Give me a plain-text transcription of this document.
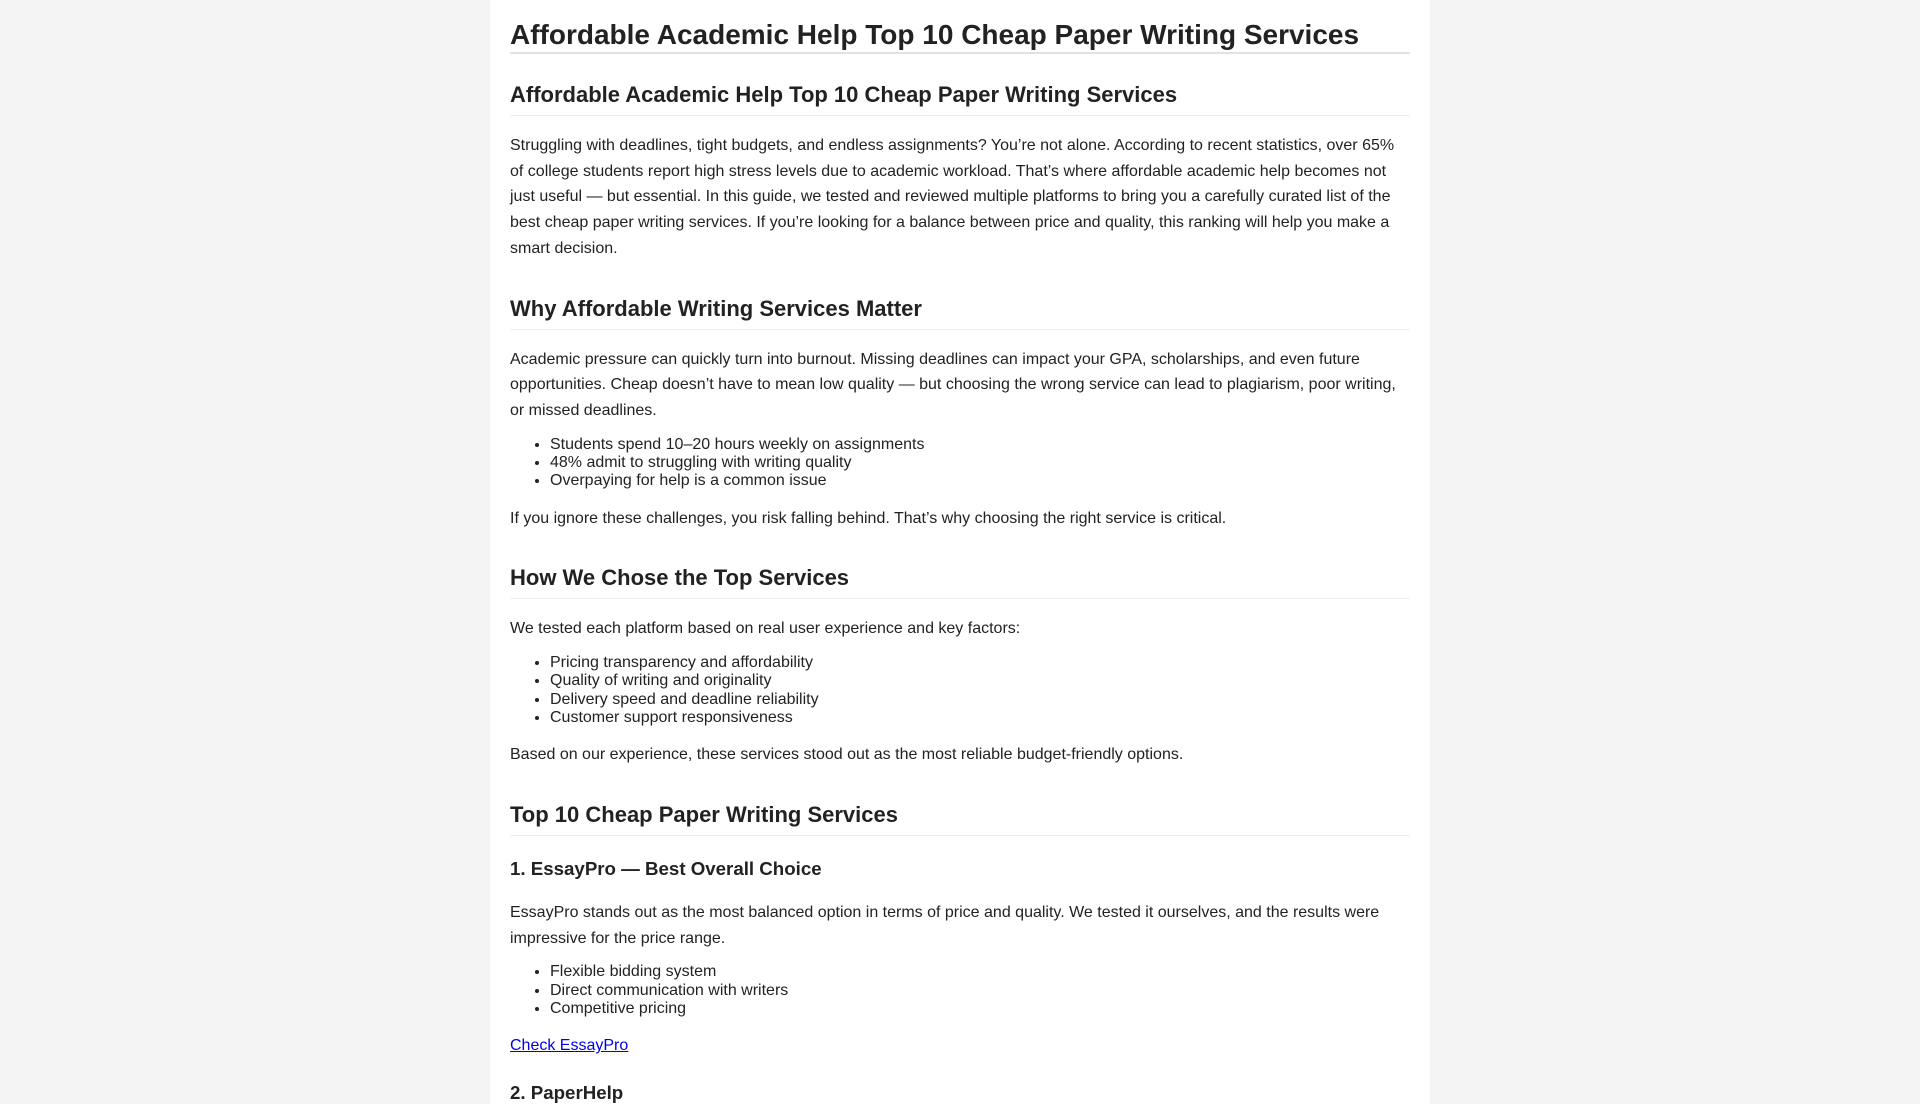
Affordable Academic Help Top 10 Cheap Paper Writing Services
Affordable Academic Help Top 10 Cheap Paper Writing Services

Struggling with deadlines, tight budgets, and endless assignments? You’re not alone. According to recent statistics, over 65% of college students report high stress levels due to academic workload. That’s where affordable academic help becomes not just useful — but essential. In this guide, we tested and reviewed multiple platforms to bring you a carefully curated list of the best cheap paper writing services. If you’re looking for a balance between price and quality, this ranking will help you make a smart decision.

Why Affordable Writing Services Matter

Academic pressure can quickly turn into burnout. Missing deadlines can impact your GPA, scholarships, and even future opportunities. Cheap doesn’t have to mean low quality — but choosing the wrong service can lead to plagiarism, poor writing, or missed deadlines.

• Students spend 10–20 hours weekly on assignments
• 48% admit to struggling with writing quality
• Overpaying for help is a common issue

If you ignore these challenges, you risk falling behind. That’s why choosing the right service is critical.

How We Chose the Top Services

We tested each platform based on real user experience and key factors:

• Pricing transparency and affordability
• Quality of writing and originality
• Delivery speed and deadline reliability
• Customer support responsiveness

Based on our experience, these services stood out as the most reliable budget-friendly options.

Top 10 Cheap Paper Writing Services
1. EssayPro — Best Overall Choice

EssayPro stands out as the most balanced option in terms of price and quality. We tested it ourselves, and the results were impressive for the price range.

• Flexible bidding system
• Direct communication with writers
• Competitive pricing

Check EssayPro

2. PaperHelp
